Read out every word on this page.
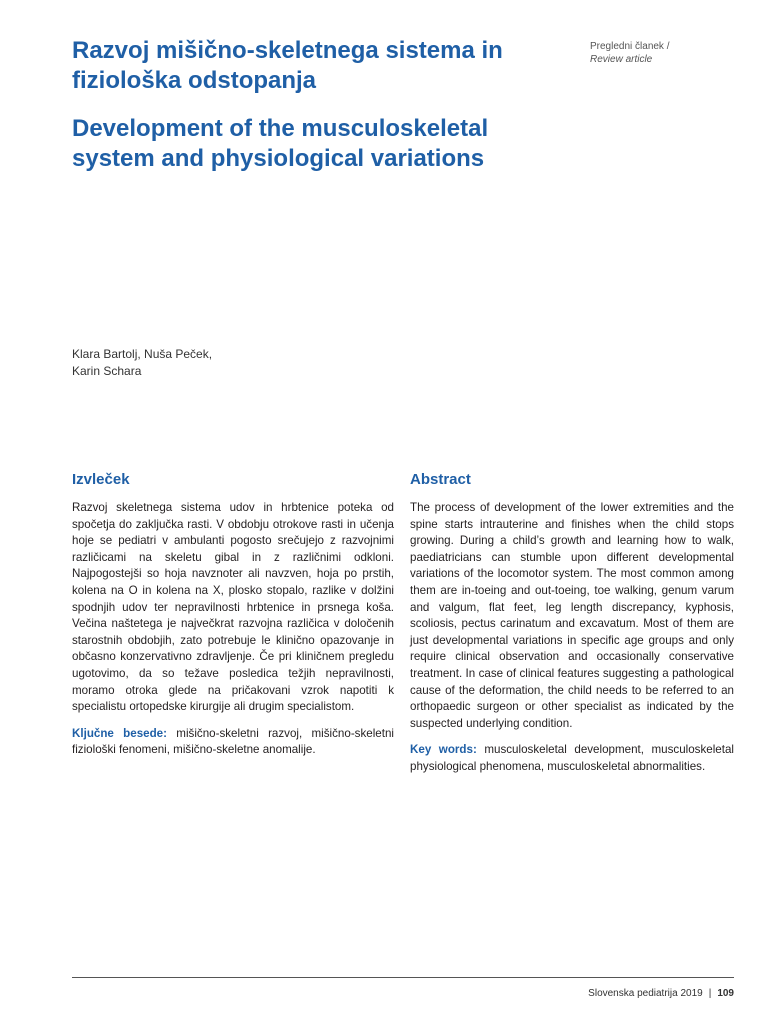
Pregledni članek /
Review article
Razvoj mišično-skeletnega sistema in fiziološka odstopanja
Development of the musculoskeletal system and physiological variations
Klara Bartolj, Nuša Peček,
Karin Schara
Izvleček

Razvoj skeletnega sistema udov in hrbtenice poteka od spočetja do zaključka rasti. V obdobju otrokove rasti in učenja hoje se pediatri v ambulanti pogosto srečujejo z razvojnimi različicami na skeletu gibal in z različnimi odkloni. Najpogostejši so hoja navznoter ali navzven, hoja po prstih, kolena na O in kolena na X, plosko stopalo, razlike v dolžini spodnjih udov ter nepravilnosti hrbtenice in prsnega koša. Večina naštetega je največkrat razvojna različica v določenih starostnih obdobjih, zato potrebuje le klinično opazovanje in občasno konzervativno zdravljenje. Če pri kliničnem pregledu ugotovimo, da so težave posledica težjih nepravilnosti, moramo otroka glede na pričakovani vzrok napotiti k specialistu ortopedske kirurgije ali drugim specialistom.

Ključne besede: mišično-skeletni razvoj, mišično-skeletni fiziološki fenomeni, mišično-skeletne anomalije.

Abstract

The process of development of the lower extremities and the spine starts intrauterine and finishes when the child stops growing. During a child’s growth and learning how to walk, paediatricians can stumble upon different developmental variations of the locomotor system. The most common among them are in-toeing and out-toeing, toe walking, genum varum and valgum, flat feet, leg length discrepancy, kyphosis, scoliosis, pectus carinatum and excavatum. Most of them are just developmental variations in specific age groups and only require clinical observation and occasionally conservative treatment. In case of clinical features suggesting a pathological cause of the deformation, the child needs to be referred to an orthopaedic surgeon or other specialist as indicated by the suspected underlying condition.

Key words: musculoskeletal development, musculoskeletal physiological phenomena, musculoskeletal abnormalities.

Slovenska pediatrija 2019 | 109
